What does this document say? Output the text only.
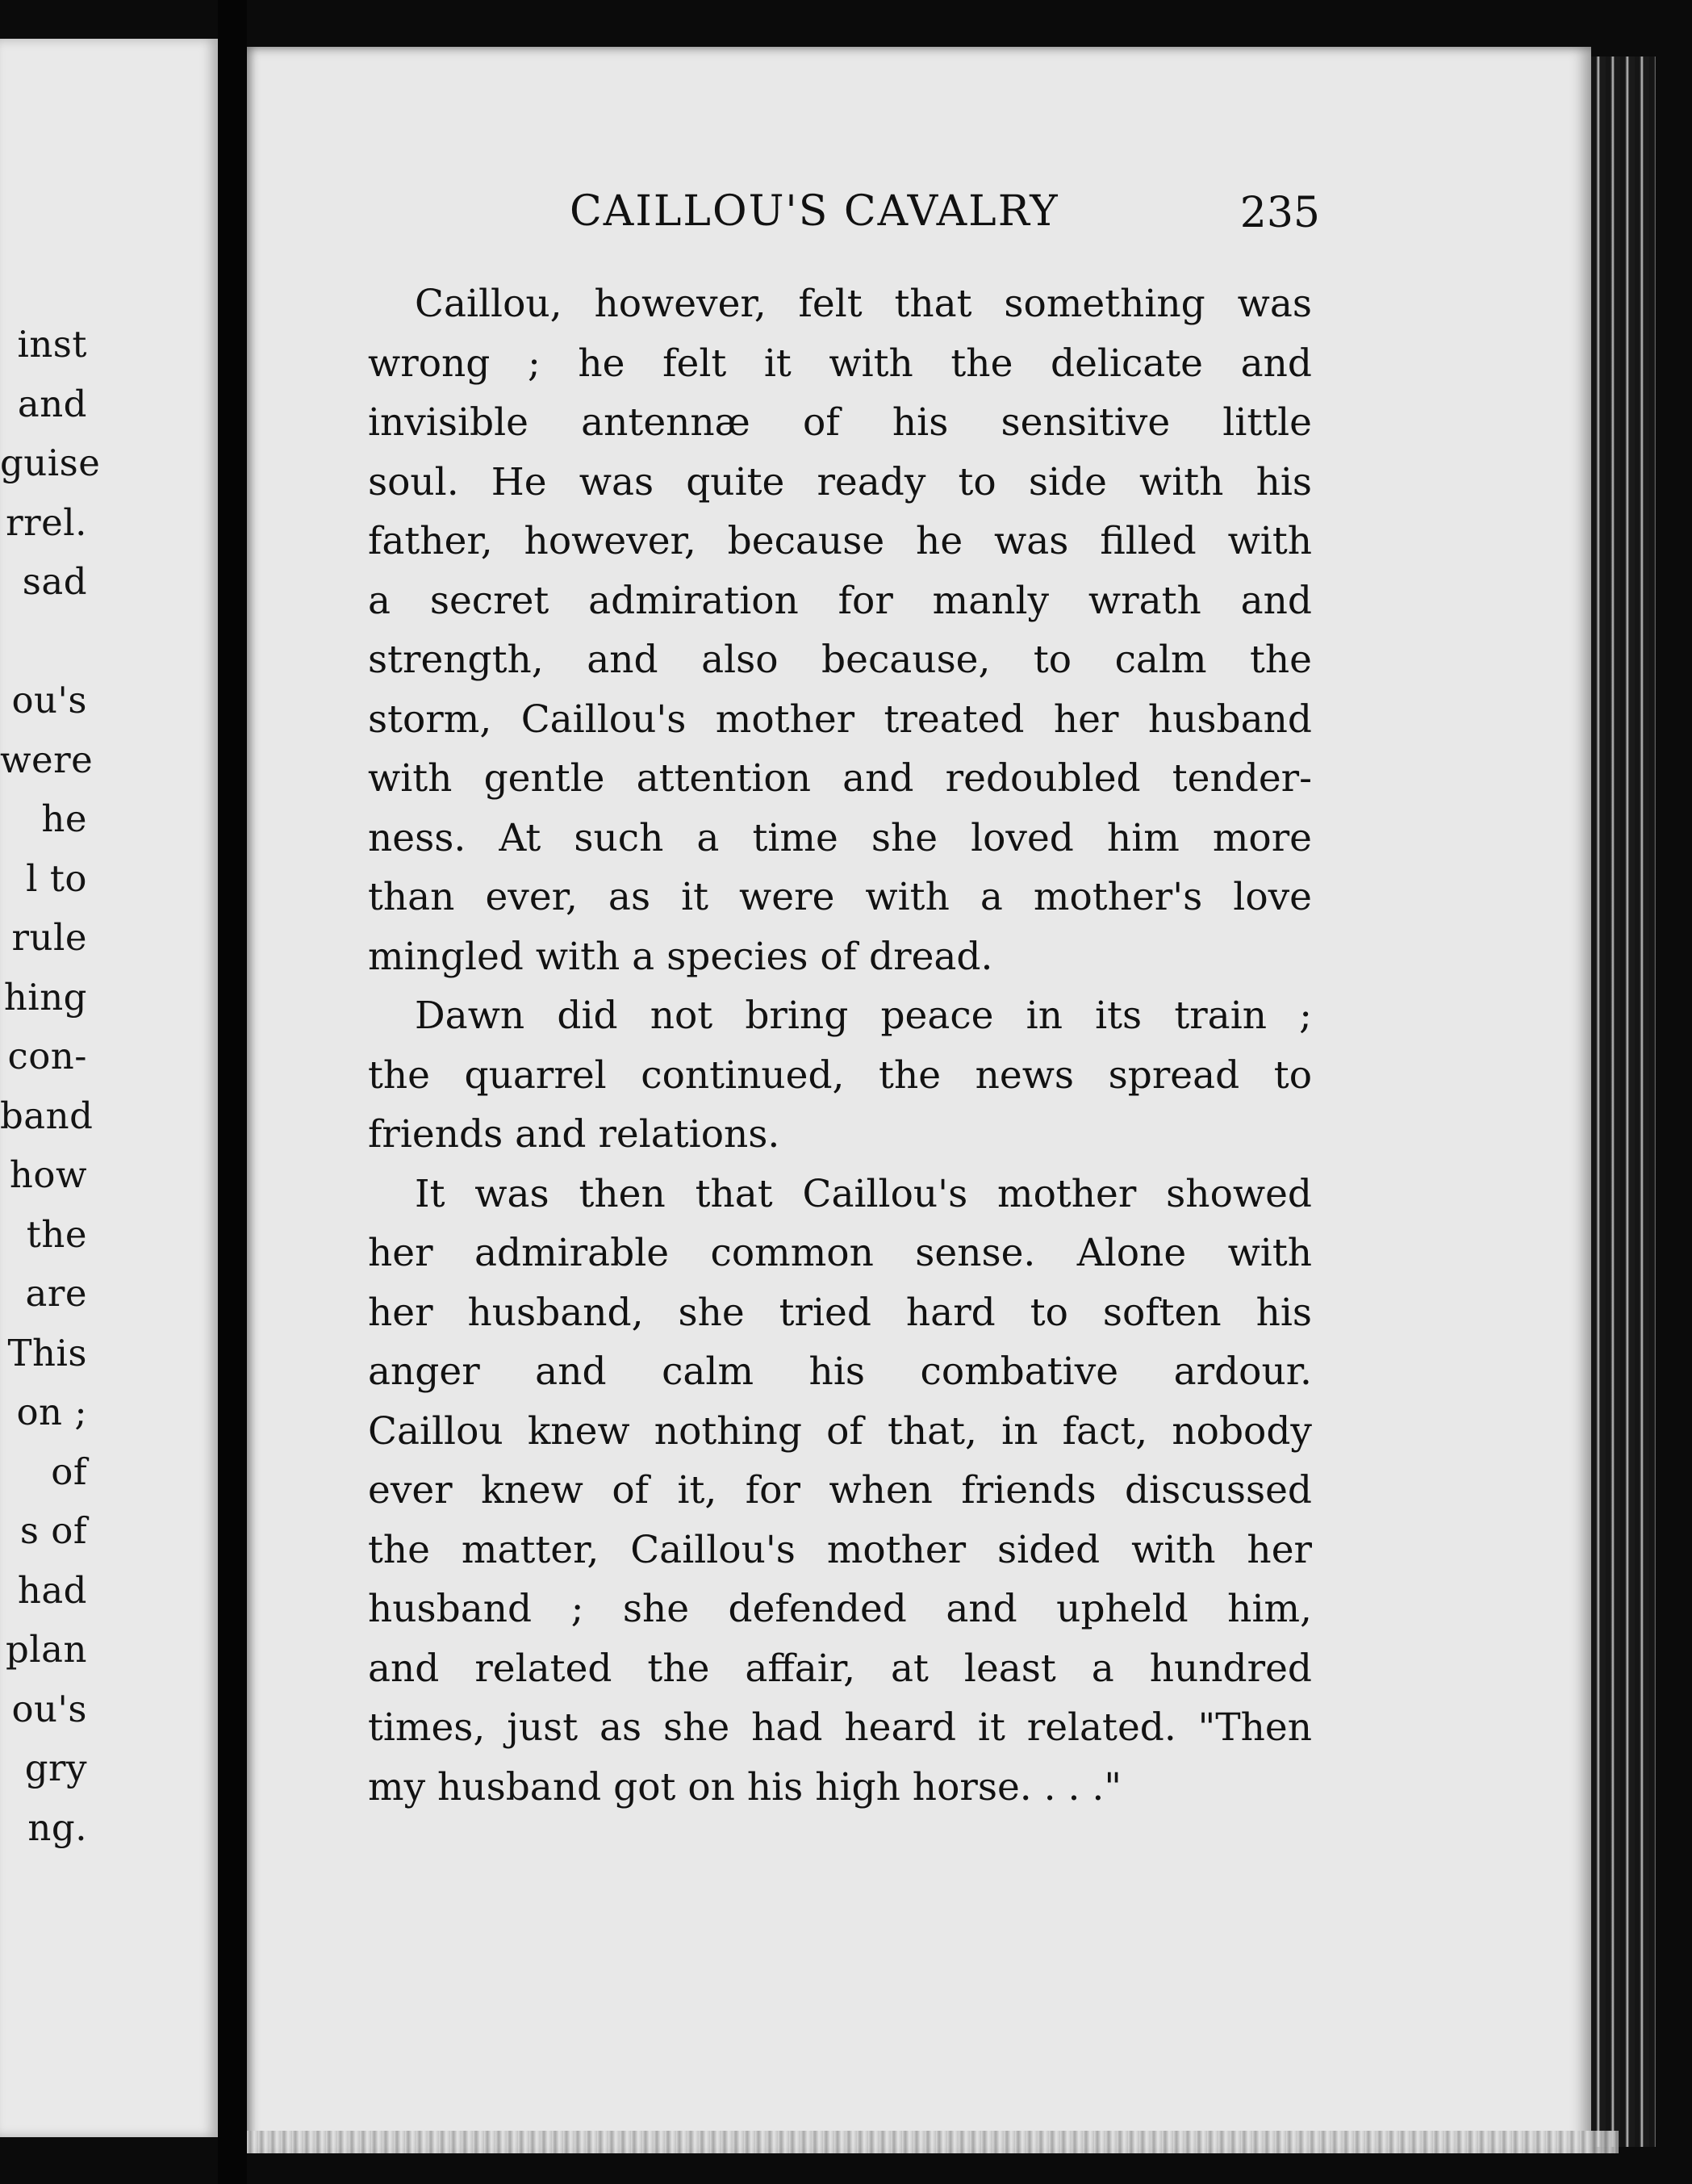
inst
and
guise
rrel.
sad
ou's
were
he
l to
rule
hing
con-
band
how
the
are
This
on ;
of
s of
had
plan
ou's
gry
ng.
CAILLOU'S CAVALRY	235

Caillou, however, felt that something was
wrong ; he felt it with the delicate and
invisible antennæ of his sensitive little
soul. He was quite ready to side with his
father, however, because he was filled with
a secret admiration for manly wrath and
strength, and also because, to calm the
storm, Caillou's mother treated her husband
with gentle attention and redoubled tender-
ness. At such a time she loved him more
than ever, as it were with a mother's love
mingled with a species of dread.

Dawn did not bring peace in its train ;
the quarrel continued, the news spread to
friends and relations.

It was then that Caillou's mother showed
her admirable common sense. Alone with
her husband, she tried hard to soften his
anger and calm his combative ardour.
Caillou knew nothing of that, in fact, nobody
ever knew of it, for when friends discussed
the matter, Caillou's mother sided with her
husband ; she defended and upheld him,
and related the affair, at least a hundred
times, just as she had heard it related. "Then
my husband got on his high horse. . . ."
